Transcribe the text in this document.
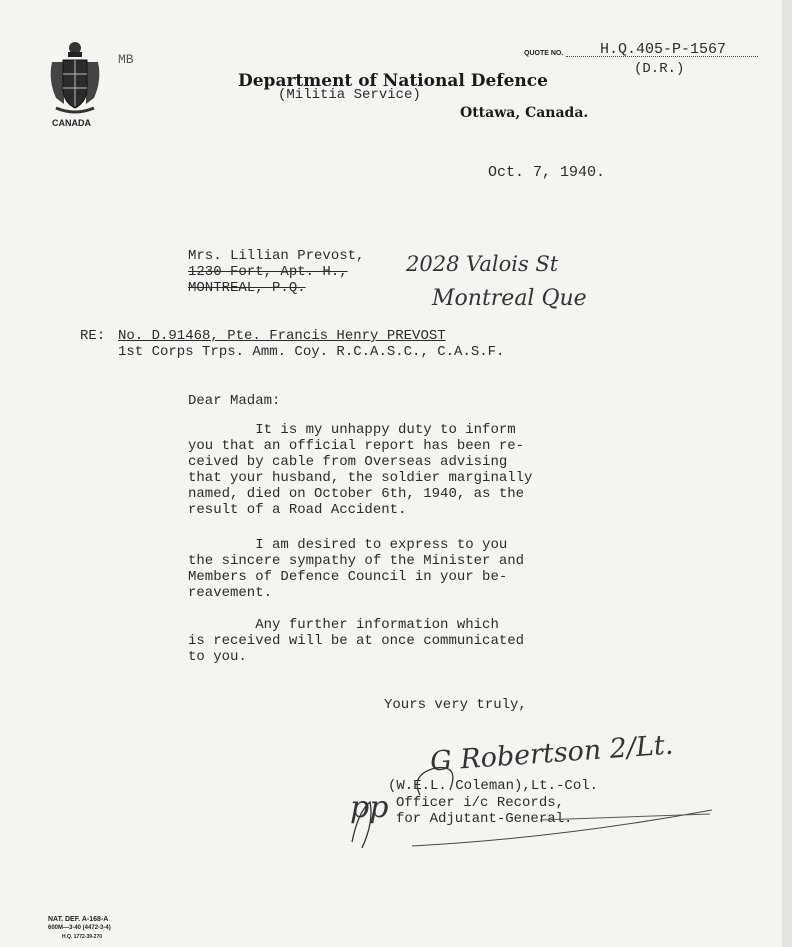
CANADA
MB
Department of National Defence
(Militia Service)
Ottawa, Canada.
QUOTE NO. H.Q.405-P-1567
(D.R.)
Oct. 7, 1940.
Mrs. Lillian Prevost,
1230 Fort, Apt. H.,
MONTREAL, P.Q.
2028 Valois St
Montreal Que
RE: No. D.91468, Pte. Francis Henry PREVOST
1st Corps Trps. Amm. Coy. R.C.A.S.C., C.A.S.F.
Dear Madam:
It is my unhappy duty to inform
you that an official report has been re-
ceived by cable from Overseas advising
that your husband, the soldier marginally
named, died on October 6th, 1940, as the
result of a Road Accident.
I am desired to express to you
the sincere sympathy of the Minister and
Members of Defence Council in your be-
reavement.
Any further information which
is received will be at once communicated
to you.
Yours very truly,
G Robertson 2/Lt.
pp
(W.E.L. Coleman),Lt.-Col.
Officer i/c Records,
for Adjutant-General.
NAT. DEF. A-168-A
600M—3-40 (4472-3-4)
H.Q. 1772-39-270
